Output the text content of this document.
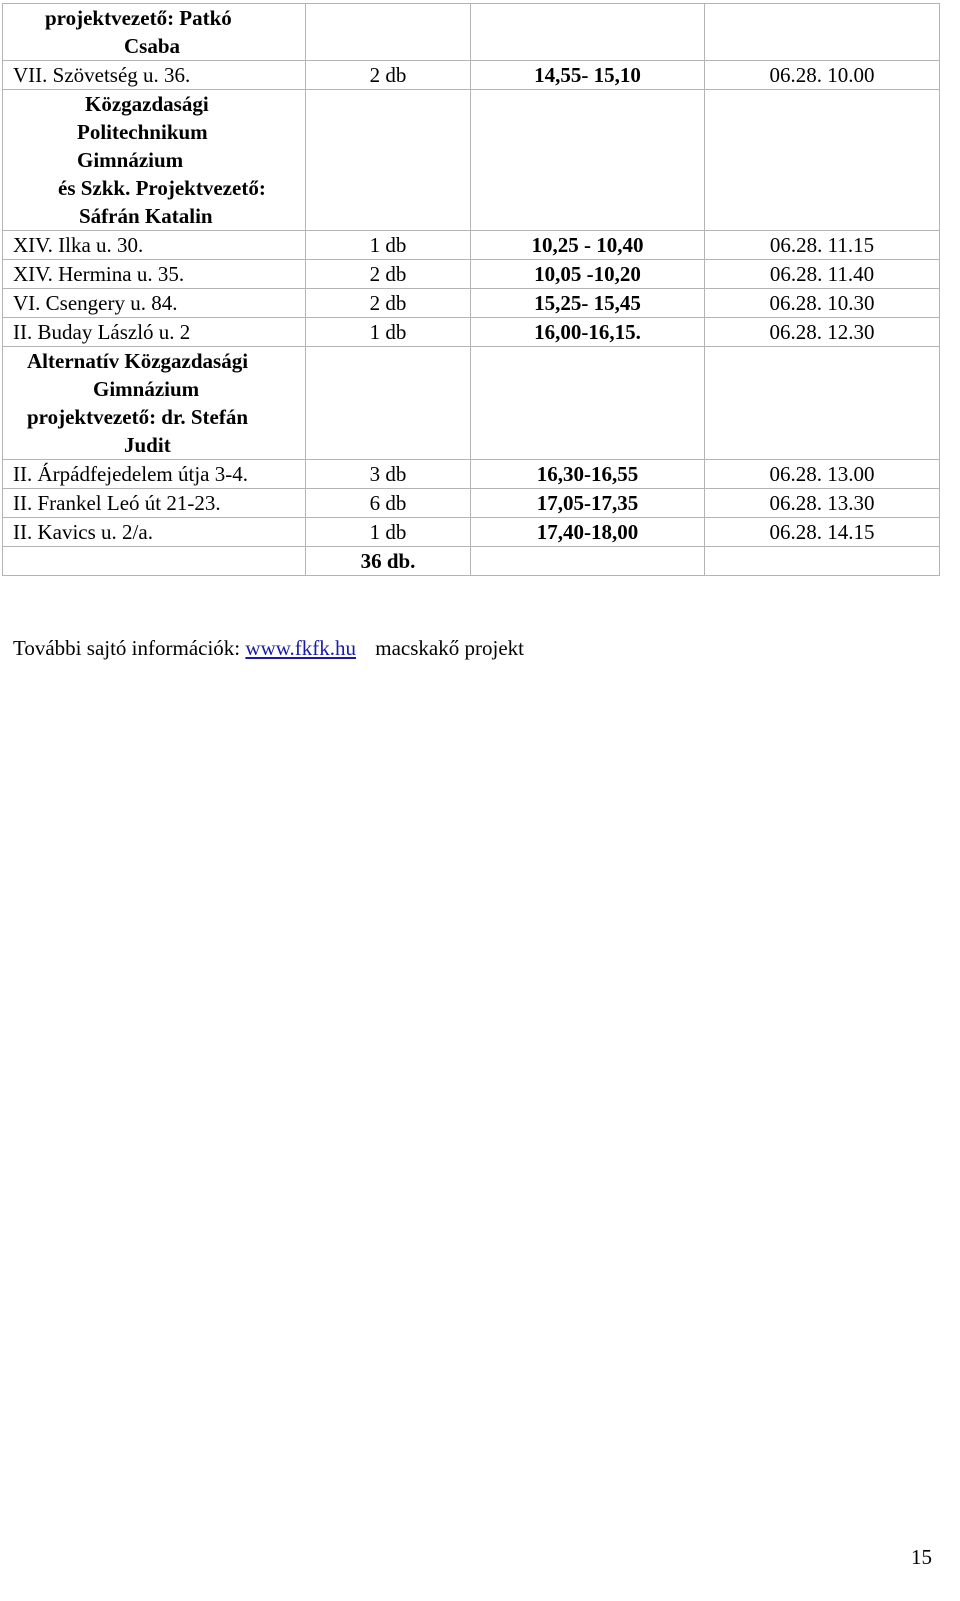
projektvezető: Patkó
Csaba			

VII. Szövetség u. 36.	2 db	14,55- 15,10	06.28. 10.00

Közgazdasági
Politechnikum Gimnázium
és Szkk. Projektvezető:
Sáfrán Katalin			

XIV. Ilka u. 30.	1 db	10,25 - 10,40	06.28. 11.15
XIV. Hermina u. 35.	2 db	10,05 -10,20	06.28. 11.40
VI. Csengery u. 84.	2 db	15,25- 15,45	06.28. 10.30
II. Buday László u. 2	1 db	16,00-16,15.	06.28. 12.30

Alternatív Közgazdasági
Gimnázium
projektvezető: dr. Stefán
Judit			

II. Árpádfejedelem útja 3-4.	3 db	16,30-16,55	06.28. 13.00
II. Frankel Leó út 21-23.	6 db	17,05-17,35	06.28. 13.30
II. Kavics u. 2/a.	1 db	17,40-18,00	06.28. 14.15
	36 db.		
További sajtó információk: www.fkfk.hu macskakő projekt
15
